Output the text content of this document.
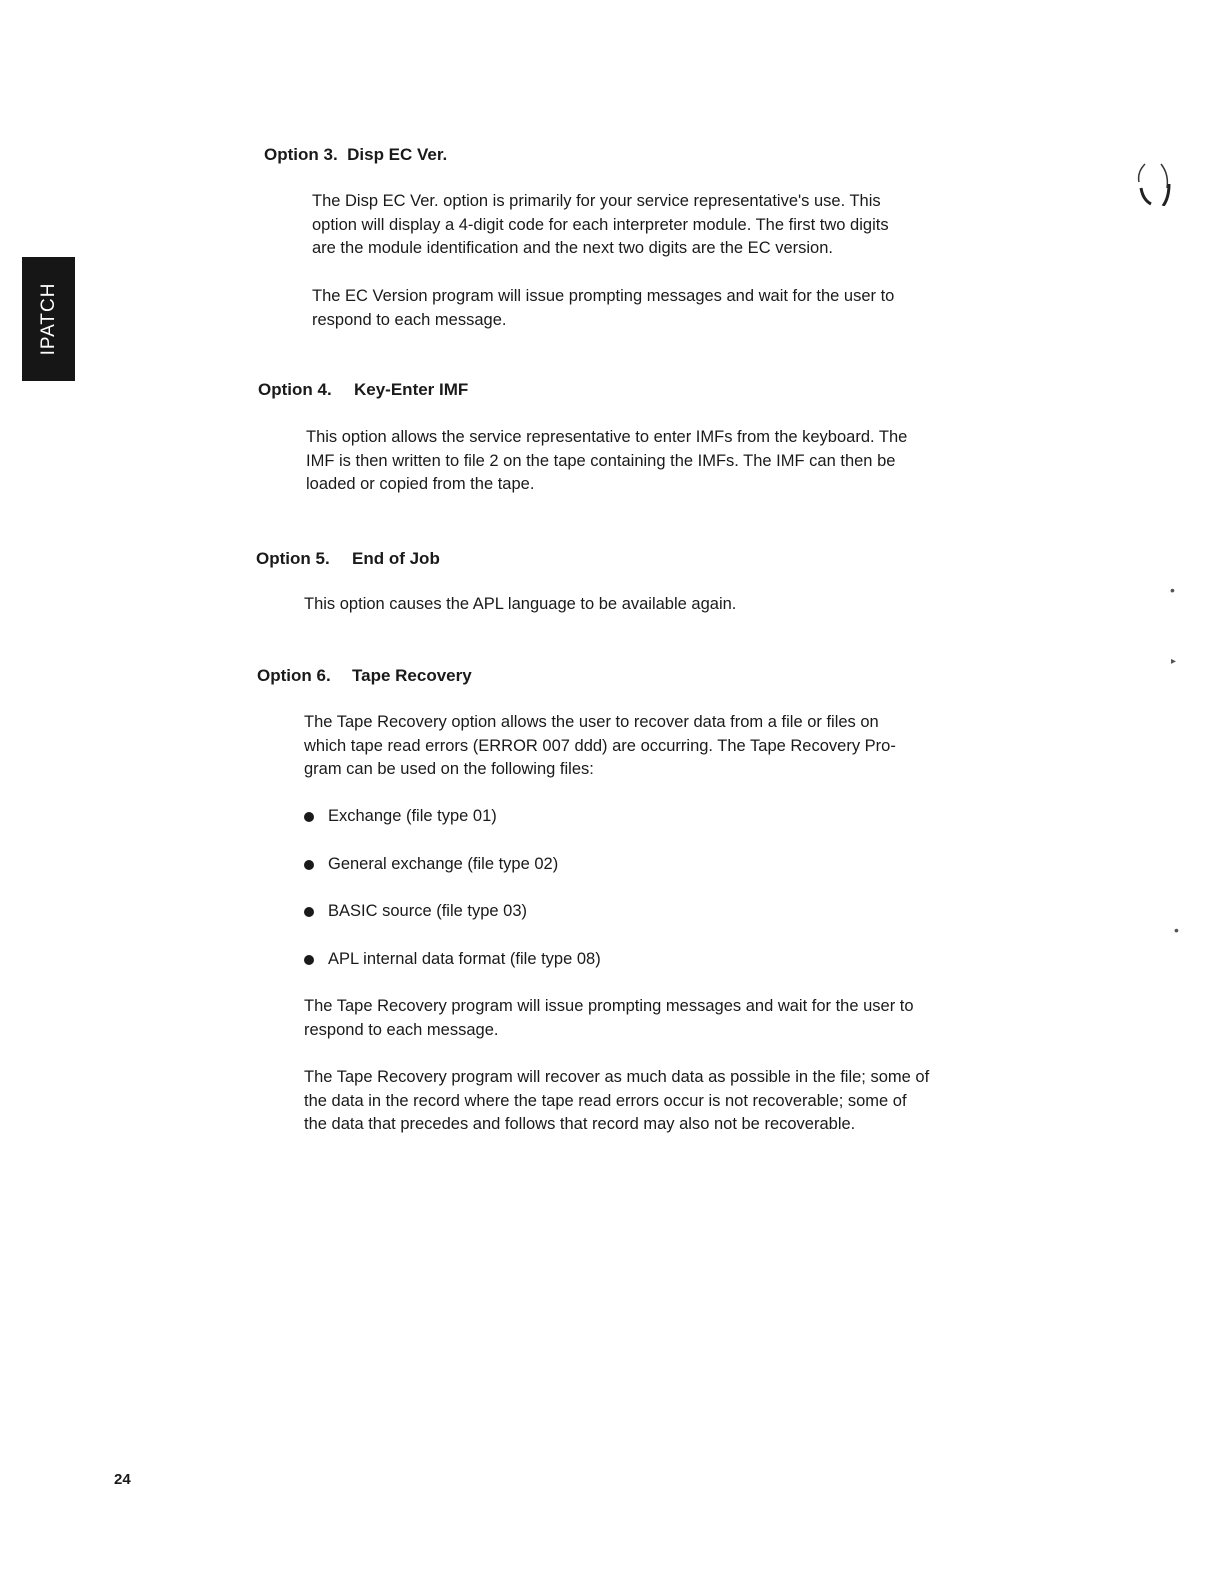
IPATCH
•
▸
•
Option 3. Disp EC Ver.

The Disp EC Ver. option is primarily for your service representative's use. This
option will display a 4-digit code for each interpreter module. The first two digits
are the module identification and the next two digits are the EC version.

The EC Version program will issue prompting messages and wait for the user to
respond to each message.

Option 4. Key-Enter IMF

This option allows the service representative to enter IMFs from the keyboard. The
IMF is then written to file 2 on the tape containing the IMFs. The IMF can then be
loaded or copied from the tape.

Option 5. End of Job

This option causes the APL language to be available again.

Option 6. Tape Recovery

The Tape Recovery option allows the user to recover data from a file or files on
which tape read errors (ERROR 007 ddd) are occurring. The Tape Recovery Pro-
gram can be used on the following files:

Exchange (file type 01)
General exchange (file type 02)
BASIC source (file type 03)
APL internal data format (file type 08)

The Tape Recovery program will issue prompting messages and wait for the user to
respond to each message.

The Tape Recovery program will recover as much data as possible in the file; some of
the data in the record where the tape read errors occur is not recoverable; some of
the data that precedes and follows that record may also not be recoverable.

24
